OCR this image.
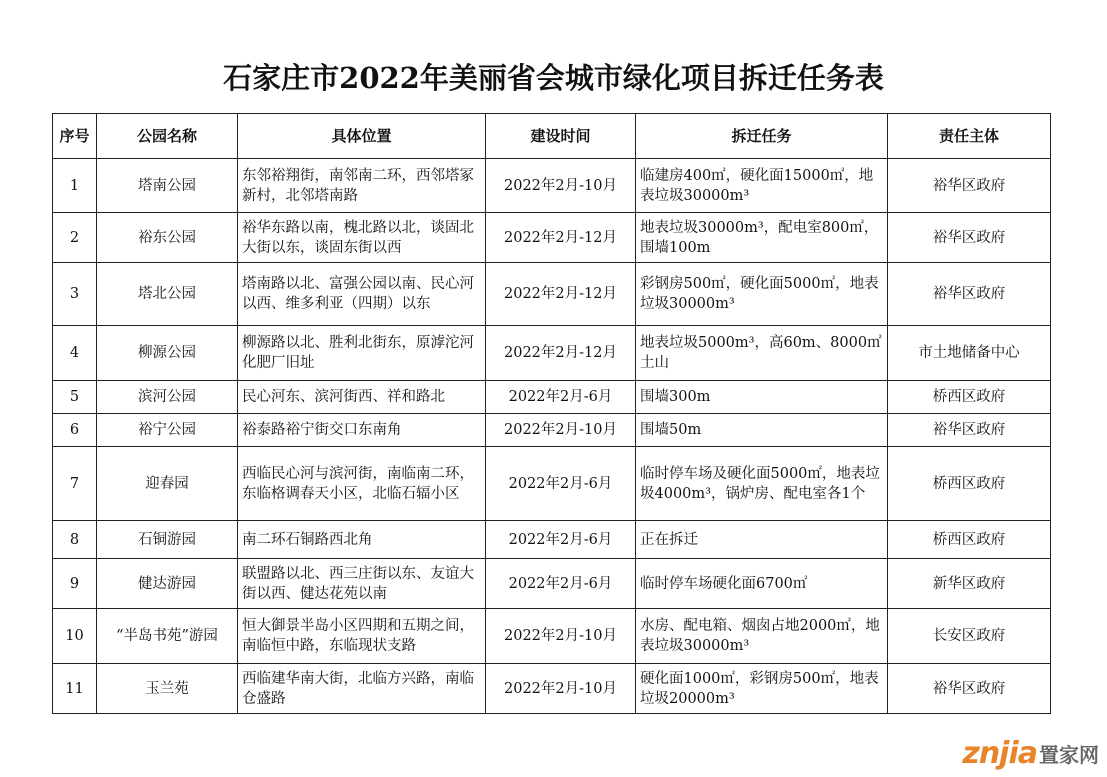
石家庄市2022年美丽省会城市绿化项目拆迁任务表
序号	公园名称	具体位置	建设时间	拆迁任务	责任主体
1	塔南公园	东邻裕翔街，南邻南二环，西邻塔冢新村，北邻塔南路	2022年2月-10月	临建房400㎡，硬化面15000㎡，地表垃圾30000m³	裕华区政府
2	裕东公园	裕华东路以南，槐北路以北，谈固北大街以东，谈固东街以西	2022年2月-12月	地表垃圾30000m³，配电室800㎡，围墙100m	裕华区政府
3	塔北公园	塔南路以北、富强公园以南、民心河以西、维多利亚（四期）以东	2022年2月-12月	彩钢房500㎡，硬化面5000㎡，地表垃圾30000m³	裕华区政府
4	柳源公园	柳源路以北、胜利北街东，原滹沱河化肥厂旧址	2022年2月-12月	地表垃圾5000m³，高60m、8000㎡土山	市土地储备中心
5	滨河公园	民心河东、滨河街西、祥和路北	2022年2月-6月	围墙300m	桥西区政府
6	裕宁公园	裕泰路裕宁街交口东南角	2022年2月-10月	围墙50m	裕华区政府
7	迎春园	西临民心河与滨河街，南临南二环，东临格调春天小区，北临石辐小区	2022年2月-6月	临时停车场及硬化面5000㎡，地表垃圾4000m³，锅炉房、配电室各1个	桥西区政府
8	石铜游园	南二环石铜路西北角	2022年2月-6月	正在拆迁	桥西区政府
9	健达游园	联盟路以北、西三庄街以东、友谊大街以西、健达花苑以南	2022年2月-6月	临时停车场硬化面6700㎡	新华区政府
10	“半岛书苑”游园	恒大御景半岛小区四期和五期之间，南临恒中路，东临现状支路	2022年2月-10月	水房、配电箱、烟囱占地2000㎡，地表垃圾30000m³	长安区政府
11	玉兰苑	西临建华南大街，北临方兴路，南临仓盛路	2022年2月-10月	硬化面1000㎡，彩钢房500㎡，地表垃圾20000m³	裕华区政府
znjia 置家网
